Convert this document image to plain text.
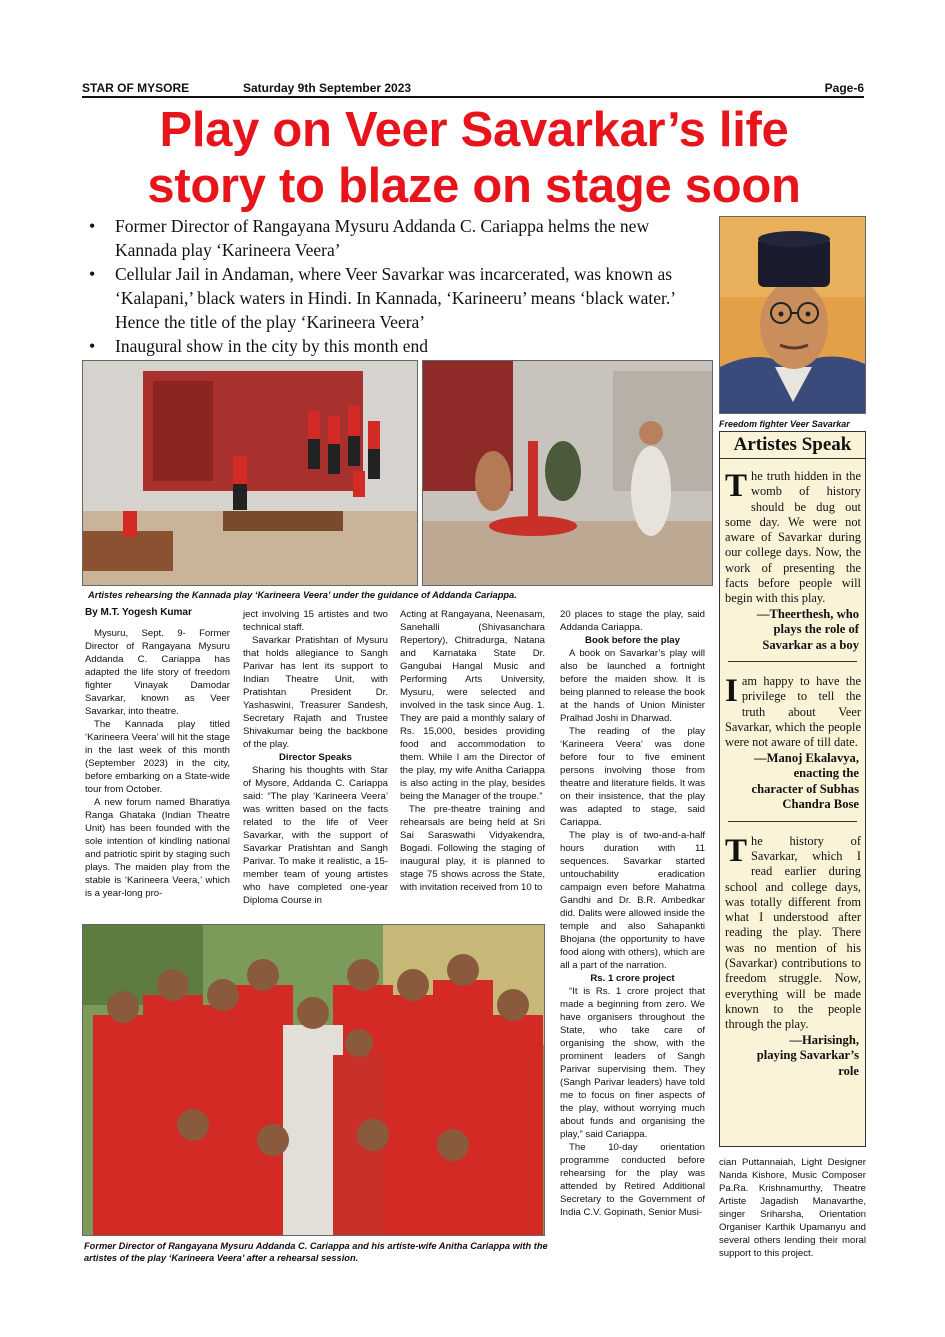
STAR OF MYSORE	Saturday 9th September 2023	Page-6
Play on Veer Savarkar’s life
story to blaze on stage soon
• Former Director of Rangayana Mysuru Addanda C. Cariappa helms the new Kannada play ‘Karineera Veera’
• Cellular Jail in Andaman, where Veer Savarkar was incarcerated, was known as ‘Kalapani,’ black waters in Hindi. In Kannada, ‘Karineeru’ means ‘black water.’ Hence the title of the play ‘Karineera Veera’
• Inaugural show in the city by this month end
Freedom fighter Veer Savarkar
Artistes rehearsing the Kannada play ‘Karineera Veera’ under the guidance of Addanda Cariappa.

By M.T. Yogesh Kumar

Mysuru, Sept. 9- Former Director of Rangayana Mysuru Addanda C. Cariappa has adapted the life story of freedom fighter Vinayak Damodar Savarkar, known as Veer Savarkar, into theatre.

The Kannada play titled ‘Karineera Veera’ will hit the stage in the last week of this month (September 2023) in the city, before embarking on a State-wide tour from October.

A new forum named Bharatiya Ranga Ghataka (Indian Theatre Unit) has been founded with the sole intention of kindling national and patriotic spirit by staging such plays. The maiden play from the stable is ‘Karineera Veera,’ which is a year-long pro-

ject involving 15 artistes and two technical staff.

Savarkar Pratishtan of Mysuru that holds allegiance to Sangh Parivar has lent its support to Indian Theatre Unit, with Pratishtan President Dr. Yashaswini, Treasurer Sandesh, Secretary Rajath and Trustee Shivakumar being the backbone of the play.

Director Speaks

Sharing his thoughts with Star of Mysore, Addanda C. Cariappa said: “The play ‘Karineera Veera’ was written based on the facts related to the life of Veer Savarkar, with the support of Savarkar Pratishtan and Sangh Parivar. To make it realistic, a 15-member team of young artistes who have completed one-year Diploma Course in

Acting at Rangayana, Neenasam, Sanehalli (Shivasanchara Repertory), Chitradurga, Natana and Karnataka State Dr. Gangubai Hangal Music and Performing Arts University, Mysuru, were selected and involved in the task since Aug. 1. They are paid a monthly salary of Rs. 15,000, besides providing food and accommodation to them. While I am the Director of the play, my wife Anitha Cariappa is also acting in the play, besides being the Manager of the troupe.”

The pre-theatre training and rehearsals are being held at Sri Sai Saraswathi Vidyakendra, Bogadi. Following the staging of inaugural play, it is planned to stage 75 shows across the State, with invitation received from 10 to

20 places to stage the play, said Addanda Cariappa.

Book before the play

A book on Savarkar’s play will also be launched a fortnight before the maiden show. It is being planned to release the book at the hands of Union Minister Pralhad Joshi in Dharwad.

The reading of the play ‘Karineera Veera’ was done before four to five eminent persons involving those from theatre and literature fields. It was on their insistence, that the play was adapted to stage, said Cariappa.

The play is of two-and-a-half hours duration with 11 sequences. Savarkar started untouchability eradication campaign even before Mahatma Gandhi and Dr. B.R. Ambedkar did. Dalits were allowed inside the temple and also Sahapankti Bhojana (the opportunity to have food along with others), which are all a part of the narration.

Rs. 1 crore project

“It is Rs. 1 crore project that made a beginning from zero. We have organisers throughout the State, who take care of organising the show, with the prominent leaders of Sangh Parivar supervising them. They (Sangh Parivar leaders) have told me to focus on finer aspects of the play, without worrying much about funds and organising the play,” said Cariappa.

The 10-day orientation programme conducted before rehearsing for the play was attended by Retired Additional Secretary to the Government of India C.V. Gopinath, Senior Musi-

cian Puttannaiah, Light Designer Nanda Kishore, Music Composer Pa.Ra. Krishnamurthy, Theatre Artiste Jagadish Manavarthe, singer Sriharsha, Orientation Organiser Karthik Upamanyu and several others lending their moral support to this project.

Former Director of Rangayana Mysuru Addanda C. Cariappa and his artiste-wife Anitha Cariappa with the artistes of the play ‘Karineera Veera’ after a rehearsal session.
Artistes Speak
T he truth hidden in the womb of history should be dug out some day. We were not aware of Savarkar during our college days. Now, the work of presenting the facts before people will begin with this play.
—Theerthesh, who plays the role of Savarkar as a boy
I am happy to have the privilege to tell the truth about Veer Savarkar, which the people were not aware of till date.
—Manoj Ekalavya, enacting the character of Subhas Chandra Bose
T he history of Savarkar, which I read earlier during school and college days, was totally different from what I understood after reading the play. There was no mention of his (Savarkar) contributions to freedom struggle. Now, everything will be made known to the people through the play.
—Harisingh, playing Savarkar’s role
